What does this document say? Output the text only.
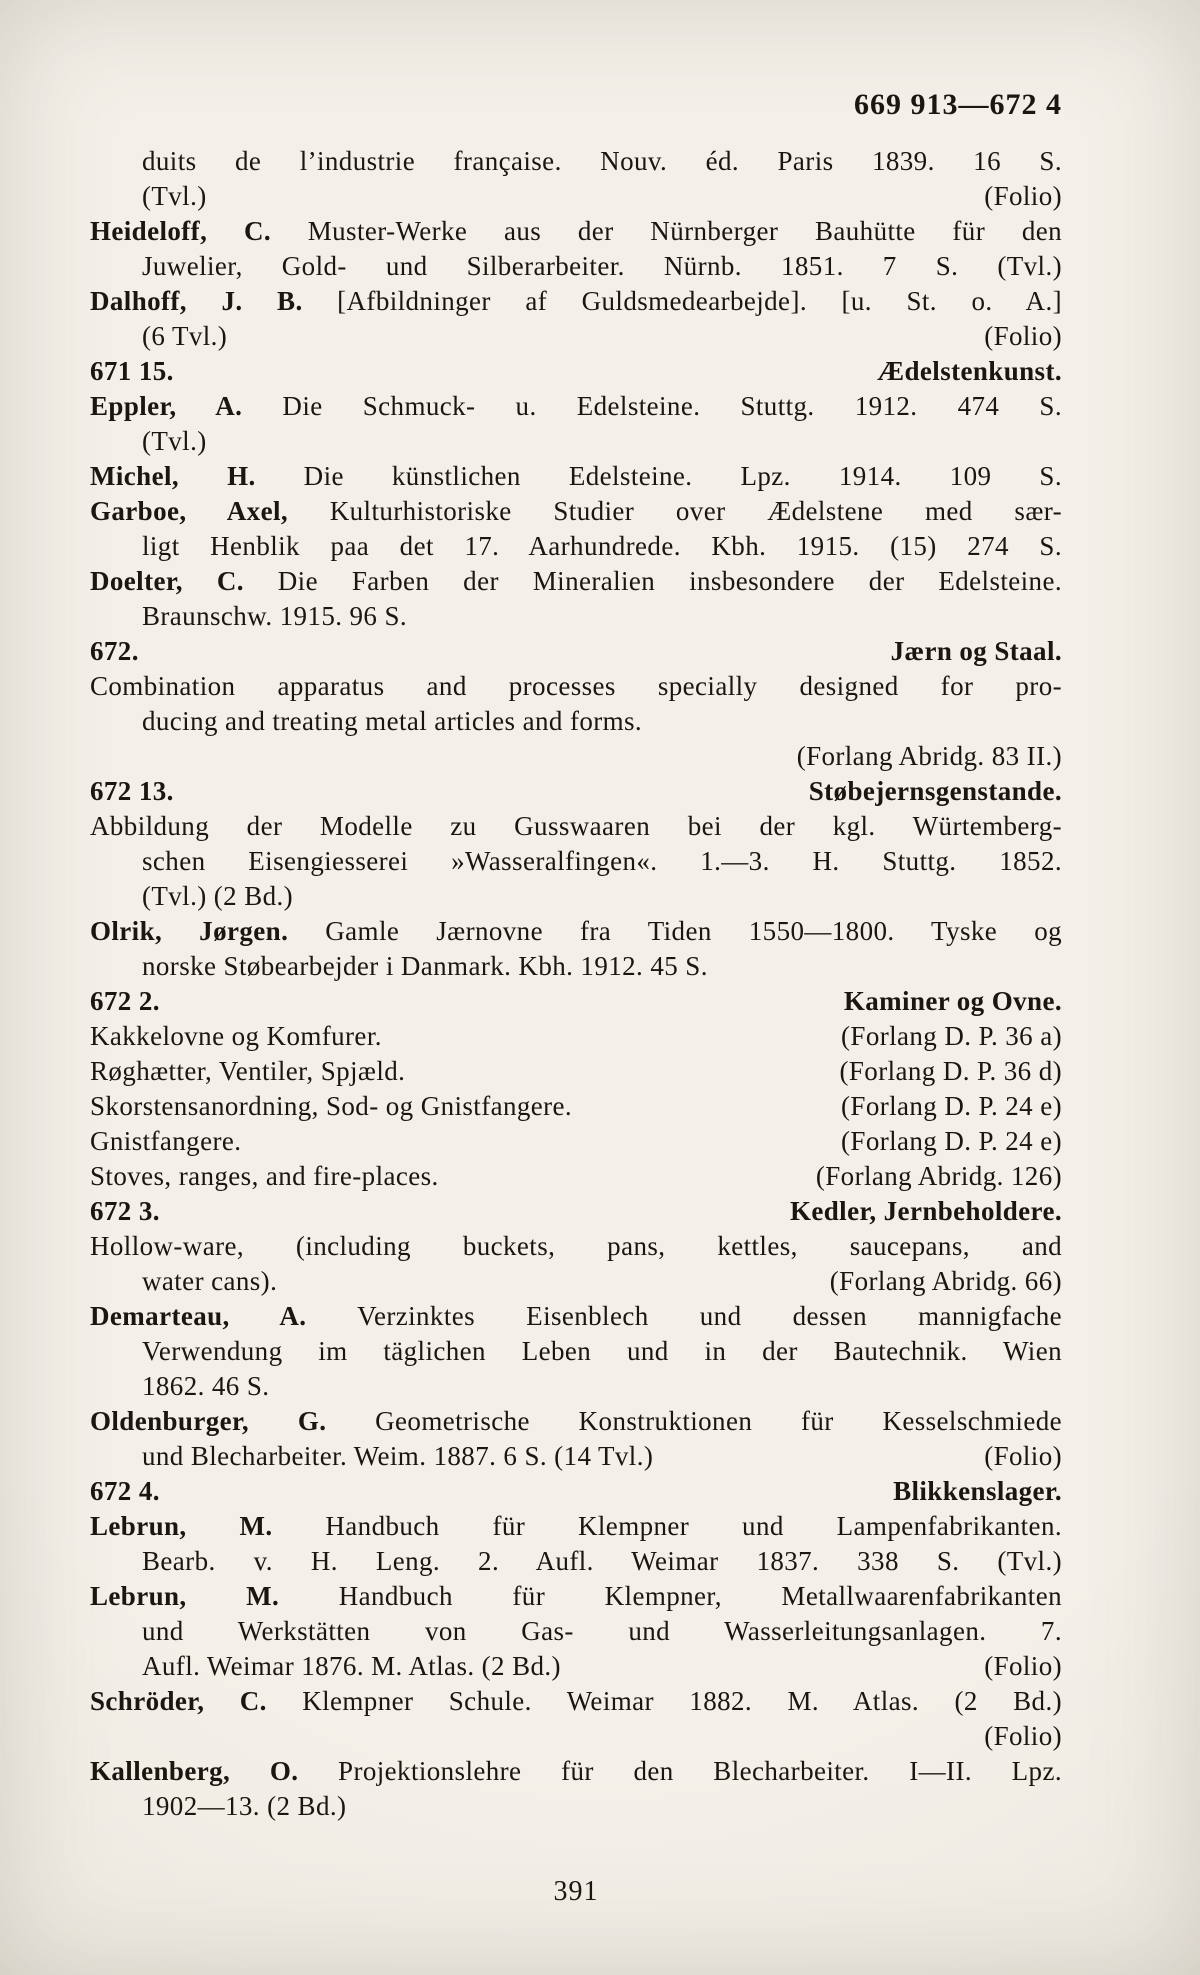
669 913—672 4
duits de l’industrie française. Nouv. éd. Paris 1839. 16 S.
(Tvl.)	(Folio)
Heideloff, C. Muster-Werke aus der Nürnberger Bauhütte für den
Juwelier, Gold- und Silberarbeiter. Nürnb. 1851. 7 S. (Tvl.)
Dalhoff, J. B. [Afbildninger af Guldsmedearbejde]. [u. St. o. A.]
(6 Tvl.)	(Folio)
671 15.	Ædelstenkunst.
Eppler, A. Die Schmuck- u. Edelsteine. Stuttg. 1912. 474 S.
(Tvl.)
Michel, H. Die künstlichen Edelsteine. Lpz. 1914. 109 S.
Garboe, Axel, Kulturhistoriske Studier over Ædelstene med sær-
ligt Henblik paa det 17. Aarhundrede. Kbh. 1915. (15) 274 S.
Doelter, C. Die Farben der Mineralien insbesondere der Edelsteine.
Braunschw. 1915. 96 S.
672.	Jærn og Staal.
Combination apparatus and processes specially designed for pro-
ducing and treating metal articles and forms.
(Forlang Abridg. 83 II.)
672 13.	Støbejernsgenstande.
Abbildung der Modelle zu Gusswaaren bei der kgl. Würtemberg-
schen Eisengiesserei »Wasseralfingen«. 1.—3. H. Stuttg. 1852.
(Tvl.) (2 Bd.)
Olrik, Jørgen. Gamle Jærnovne fra Tiden 1550—1800. Tyske og
norske Støbearbejder i Danmark. Kbh. 1912. 45 S.
672 2.	Kaminer og Ovne.
Kakkelovne og Komfurer.	(Forlang D. P. 36 a)
Røghætter, Ventiler, Spjæld.	(Forlang D. P. 36 d)
Skorstensanordning, Sod- og Gnistfangere.	(Forlang D. P. 24 e)
Gnistfangere.	(Forlang D. P. 24 e)
Stoves, ranges, and fire-places.	(Forlang Abridg. 126)
672 3.	Kedler, Jernbeholdere.
Hollow-ware, (including buckets, pans, kettles, saucepans, and
water cans).	(Forlang Abridg. 66)
Demarteau, A. Verzinktes Eisenblech und dessen mannigfache
Verwendung im täglichen Leben und in der Bautechnik. Wien
1862. 46 S.
Oldenburger, G. Geometrische Konstruktionen für Kesselschmiede
und Blecharbeiter. Weim. 1887. 6 S. (14 Tvl.)	(Folio)
672 4.	Blikkenslager.
Lebrun, M. Handbuch für Klempner und Lampenfabrikanten.
Bearb. v. H. Leng. 2. Aufl. Weimar 1837. 338 S. (Tvl.)
Lebrun, M. Handbuch für Klempner, Metallwaarenfabrikanten
und Werkstätten von Gas- und Wasserleitungsanlagen. 7.
Aufl. Weimar 1876. M. Atlas. (2 Bd.)	(Folio)
Schröder, C. Klempner Schule. Weimar 1882. M. Atlas. (2 Bd.)
(Folio)
Kallenberg, O. Projektionslehre für den Blecharbeiter. I—II. Lpz.
1902—13. (2 Bd.)
391
